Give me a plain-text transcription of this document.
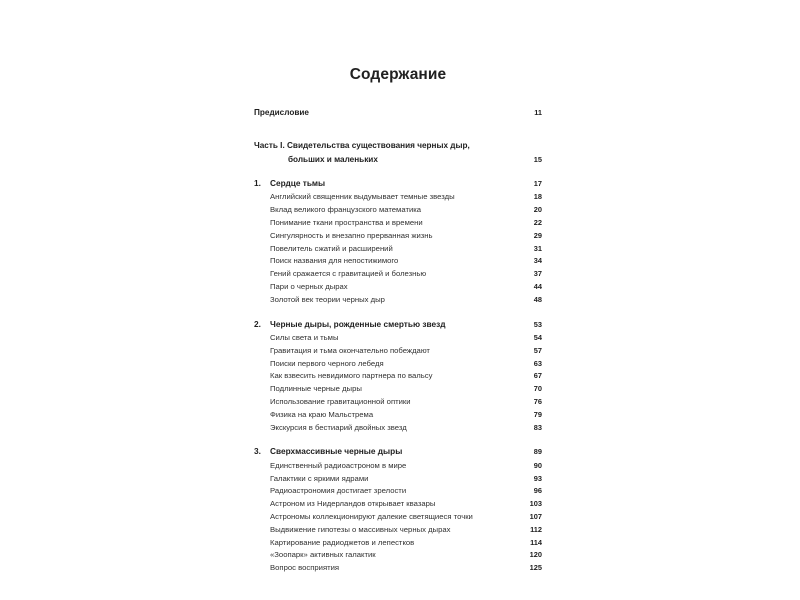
Содержание
Предисловие	11
Часть I. Свидетельства существования черных дыр,
больших и маленьких	15
1.	Сердце тьмы	17
Английский священник выдумывает темные звезды	18
Вклад великого французского математика	20
Понимание ткани пространства и времени	22
Сингулярность и внезапно прерванная жизнь	29
Повелитель сжатий и расширений	31
Поиск названия для непостижимого	34
Гений сражается с гравитацией и болезнью	37
Пари о черных дырах	44
Золотой век теории черных дыр	48
2.	Черные дыры, рожденные смертью звезд	53
Силы света и тьмы	54
Гравитация и тьма окончательно побеждают	57
Поиски первого черного лебедя	63
Как взвесить невидимого партнера по вальсу	67
Подлинные черные дыры	70
Использование гравитационной оптики	76
Физика на краю Мальстрема	79
Экскурсия в бестиарий двойных звезд	83
3.	Сверхмассивные черные дыры	89
Единственный радиоастроном в мире	90
Галактики с яркими ядрами	93
Радиоастрономия достигает зрелости	96
Астроном из Нидерландов открывает квазары	103
Астрономы коллекционируют далекие светящиеся точки	107
Выдвижение гипотезы о массивных черных дырах	112
Картирование радиоджетов и лепестков	114
«Зоопарк» активных галактик	120
Вопрос восприятия	125
